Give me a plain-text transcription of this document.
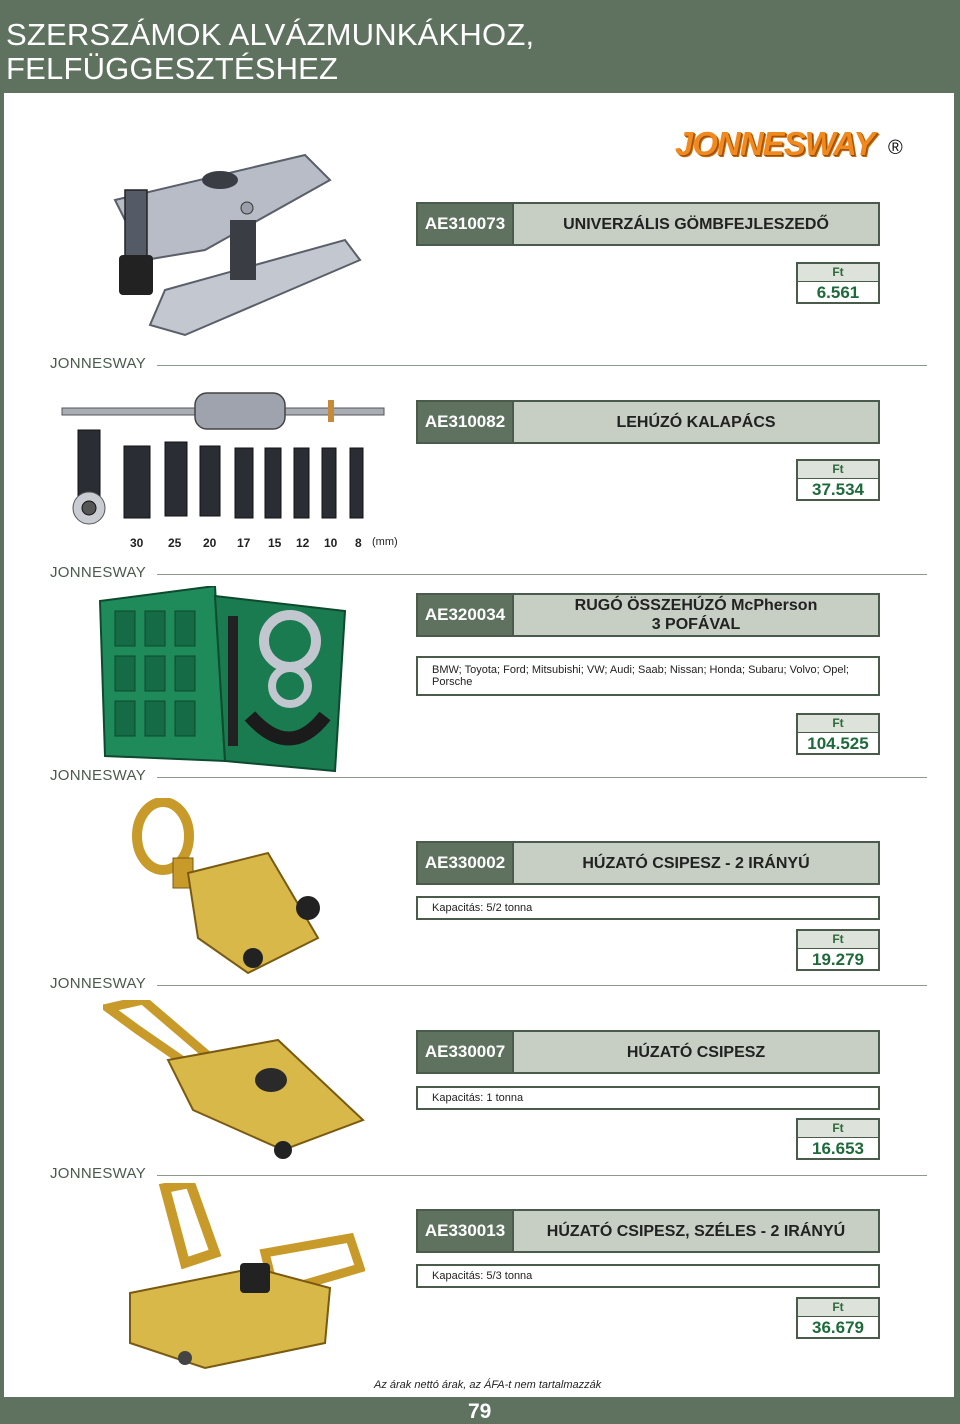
SZERSZÁMOK ALVÁZMUNKÁKHOZ,
FELFÜGGESZTÉSHEZ
JONNESWAY ®
AE310073	UNIVERZÁLIS GÖMBFEJLESZEDŐ
Ft
6.561
JONNESWAY
AE310082	LEHÚZÓ KALAPÁCS
Ft
37.534
30 25 20 17 15 12 10 8 (mm)
JONNESWAY
AE320034	RUGÓ ÖSSZEHÚZÓ McPherson
3 POFÁVAL
BMW; Toyota; Ford; Mitsubishi; VW; Audi; Saab; Nissan; Honda; Subaru; Volvo; Opel; Porsche
Ft
104.525
JONNESWAY
AE330002	HÚZATÓ CSIPESZ - 2 IRÁNYÚ
Kapacitás: 5/2 tonna
Ft
19.279
JONNESWAY
AE330007	HÚZATÓ CSIPESZ
Kapacitás: 1 tonna
Ft
16.653
JONNESWAY
AE330013	HÚZATÓ CSIPESZ, SZÉLES - 2 IRÁNYÚ
Kapacitás: 5/3 tonna
Ft
36.679
Az árak nettó árak, az ÁFA-t nem tartalmazzák
79
